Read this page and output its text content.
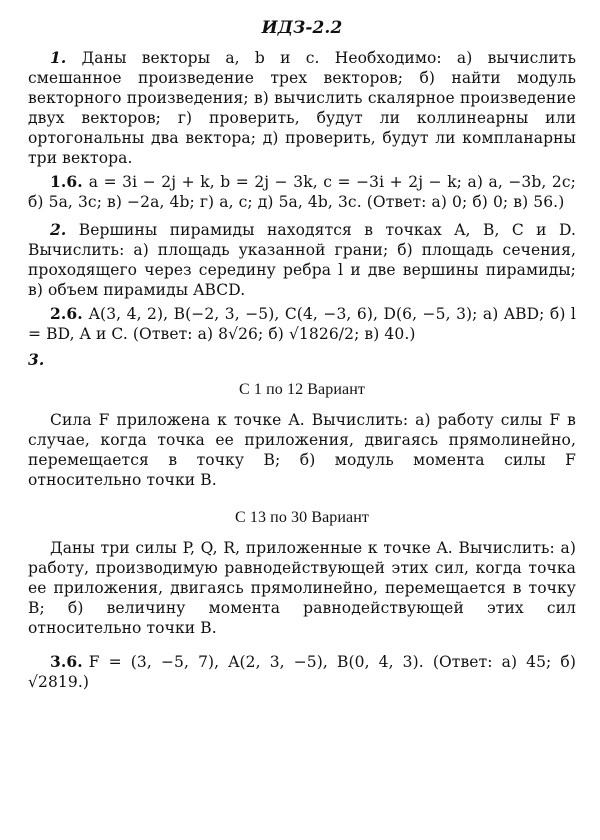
ИДЗ-2.2

1. Даны векторы a, b и c. Необходимо: а) вычислить смешанное произведение трех векторов; б) найти модуль векторного произведения; в) вычислить скалярное произведение двух векторов; г) проверить, будут ли коллинеарны или ортогональны два вектора; д) проверить, будут ли компланарны три вектора.

1.6. a = 3i − 2j + k, b = 2j − 3k, c = −3i + 2j − k; а) a, −3b, 2c; б) 5a, 3c; в) −2a, 4b; г) a, c; д) 5a, 4b, 3c. (Ответ: а) 0; б) 0; в) 56.)

2. Вершины пирамиды находятся в точках A, B, C и D. Вычислить: а) площадь указанной грани; б) площадь сечения, проходящего через середину ребра l и две вершины пирамиды; в) объем пирамиды ABCD.

2.6. A(3, 4, 2), B(−2, 3, −5), C(4, −3, 6), D(6, −5, 3); а) ABD; б) l = BD, A и C. (Ответ: а) 8√26; б) √1826/2; в) 40.)

3.
С 1 по 12 Вариант

Сила F приложена к точке A. Вычислить: а) работу силы F в случае, когда точка ее приложения, двигаясь прямолинейно, перемещается в точку B; б) модуль момента силы F относительно точки B.

С 13 по 30 Вариант

Даны три силы P, Q, R, приложенные к точке A. Вычислить: а) работу, производимую равнодействующей этих сил, когда точка ее приложения, двигаясь прямолинейно, перемещается в точку B; б) величину момента равнодействующей этих сил относительно точки B.

3.6. F = (3, −5, 7), A(2, 3, −5), B(0, 4, 3). (Ответ: а) 45; б) √2819.)
